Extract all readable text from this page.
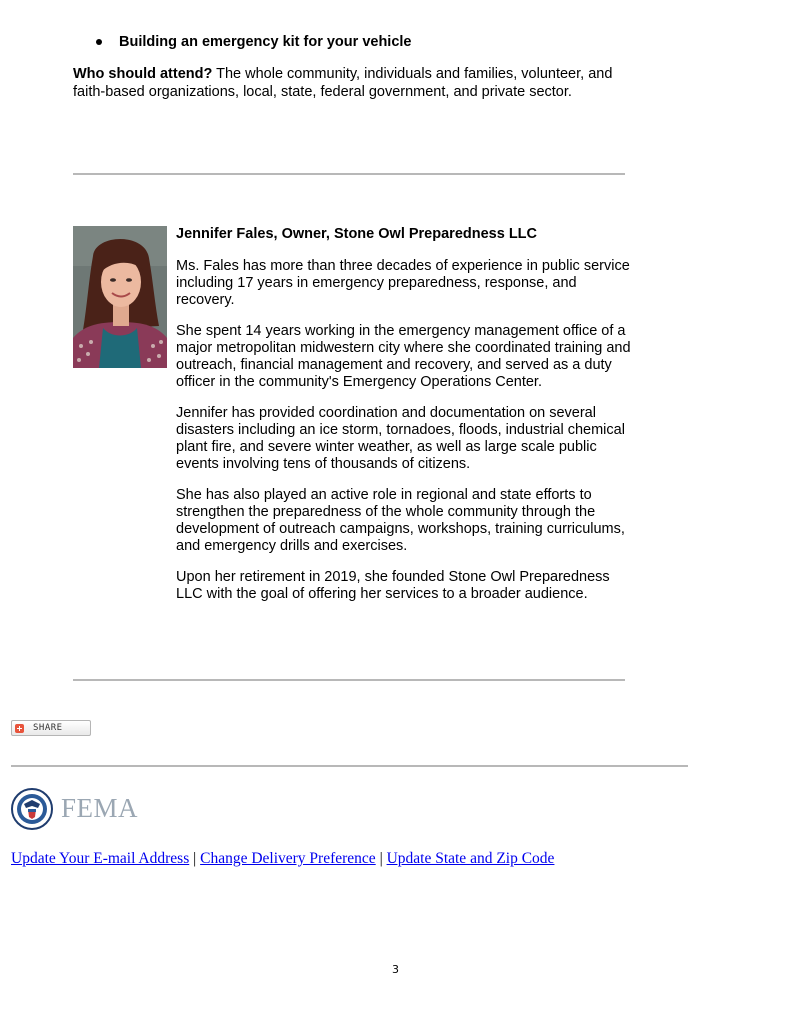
Building an emergency kit for your vehicle
Who should attend? The whole community, individuals and families, volunteer, and faith-based organizations, local, state, federal government, and private sector.

Jennifer Fales, Owner, Stone Owl Preparedness LLC

Ms. Fales has more than three decades of experience in public service including 17 years in emergency preparedness, response, and recovery.

She spent 14 years working in the emergency management office of a major metropolitan midwestern city where she coordinated training and outreach, financial management and recovery, and served as a duty officer in the community's Emergency Operations Center.

Jennifer has provided coordination and documentation on several disasters including an ice storm, tornadoes, floods, industrial chemical plant fire, and severe winter weather, as well as large scale public events involving tens of thousands of citizens.

She has also played an active role in regional and state efforts to strengthen the preparedness of the whole community through the development of outreach campaigns, workshops, training curriculums, and emergency drills and exercises.

Upon her retirement in 2019, she founded Stone Owl Preparedness LLC with the goal of offering her services to a broader audience.

SHARE
FEMA
Update Your E-mail Address | Change Delivery Preference | Update State and Zip Code
3
